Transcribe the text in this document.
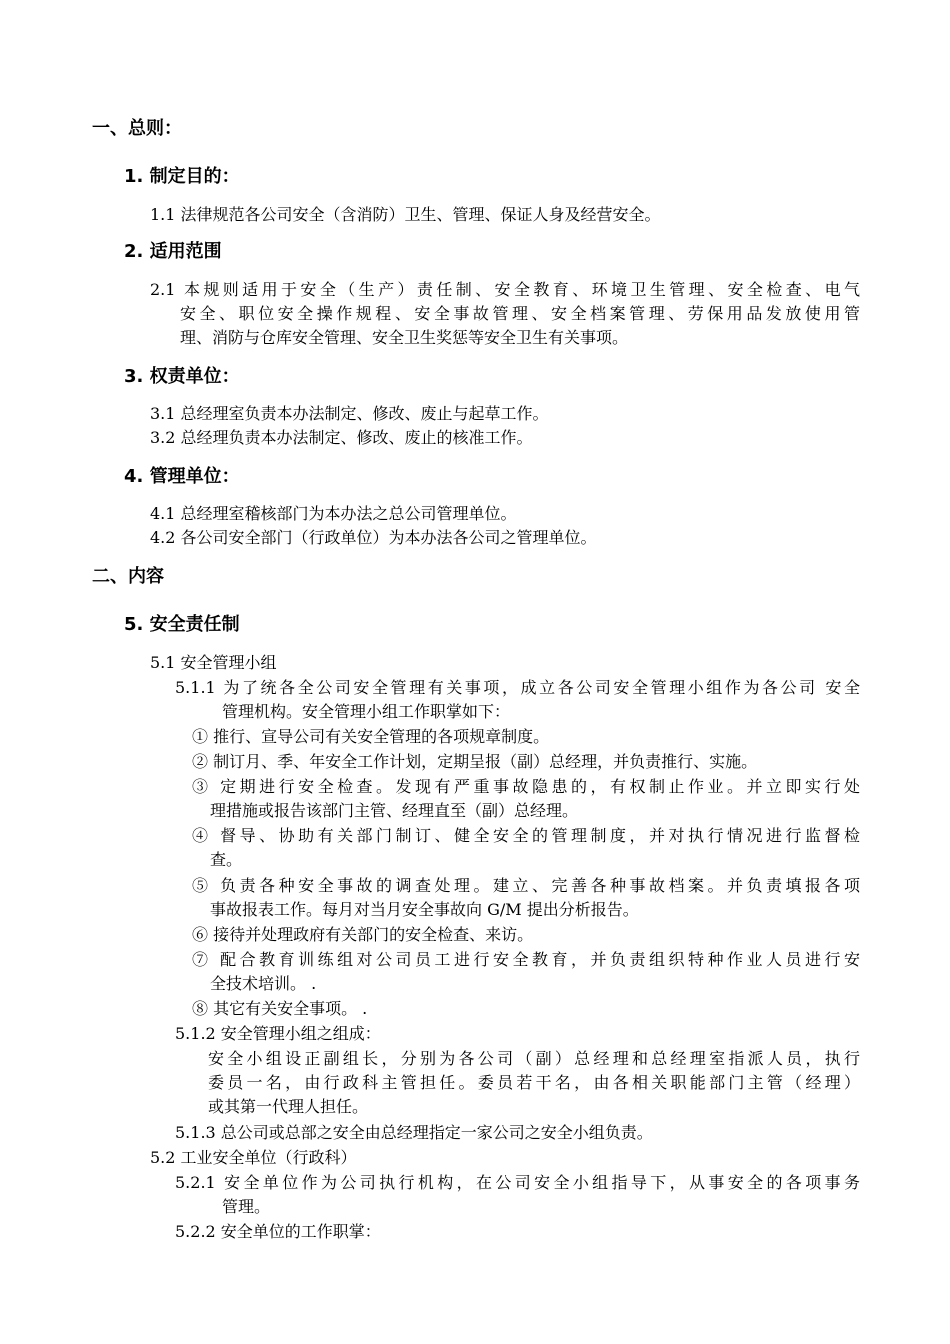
一、总则：
1. 制定目的：
1.1 法律规范各公司安全（含消防）卫生、管理、保证人身及经营安全。
2. 适用范围
2.1 本规则适用于安全（生产）责任制、安全教育、环境卫生管理、安全检查、电气
安全、职位安全操作规程、安全事故管理、安全档案管理、劳保用品发放使用管
理、消防与仓库安全管理、安全卫生奖惩等安全卫生有关事项。
3. 权责单位：
3.1 总经理室负责本办法制定、修改、废止与起草工作。
3.2 总经理负责本办法制定、修改、废止的核准工作。
4. 管理单位：
4.1 总经理室稽核部门为本办法之总公司管理单位。
4.2 各公司安全部门（行政单位）为本办法各公司之管理单位。
二、内容
5. 安全责任制
5.1 安全管理小组
5.1.1 为了统各全公司安全管理有关事项，成立各公司安全管理小组作为各公司 安全
管理机构。安全管理小组工作职掌如下：
① 推行、宣导公司有关安全管理的各项规章制度。
② 制订月、季、年安全工作计划，定期呈报（副）总经理，并负责推行、实施。
③ 定期进行安全检查。发现有严重事故隐患的，有权制止作业。并立即实行处
理措施或报告该部门主管、经理直至（副）总经理。
④ 督导、协助有关部门制订、健全安全的管理制度，并对执行情况进行监督检
查。
⑤ 负责各种安全事故的调查处理。建立、完善各种事故档案。并负责填报各项
事故报表工作。每月对当月安全事故向 G/M 提出分析报告。
⑥ 接待并处理政府有关部门的安全检查、来访。
⑦ 配合教育训练组对公司员工进行安全教育，并负责组织特种作业人员进行安
全技术培训。 .
⑧ 其它有关安全事项。 .
5.1.2 安全管理小组之组成：
安全小组设正副组长，分别为各公司（副）总经理和总经理室指派人员，执行
委员一名，由行政科主管担任。委员若干名，由各相关职能部门主管（经理）
或其第一代理人担任。
5.1.3 总公司或总部之安全由总经理指定一家公司之安全小组负责。
5.2 工业安全单位（行政科）
5.2.1 安全单位作为公司执行机构，在公司安全小组指导下，从事安全的各项事务
管理。
5.2.2 安全单位的工作职掌：
